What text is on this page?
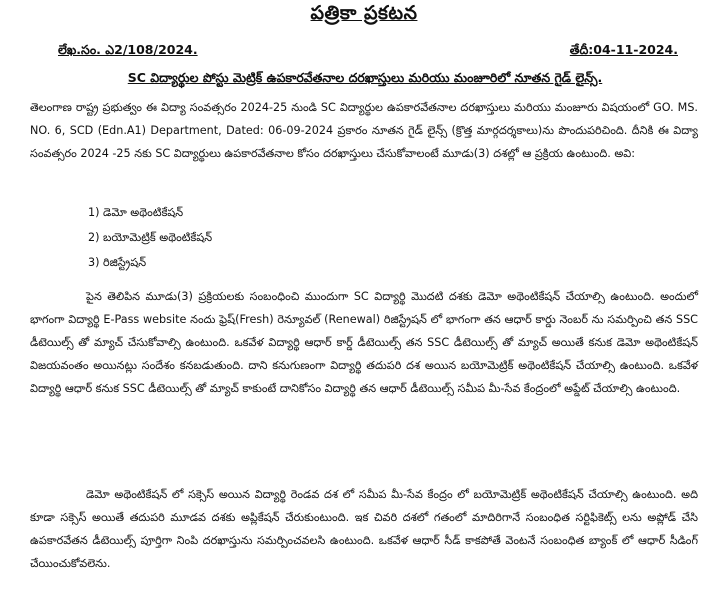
పత్రికా ప్రకటన
లేఖ.సం. ఎ2/108/2024.	తేదీ:04-11-2024.
SC విద్యార్థుల పోస్టు మెట్రిక్ ఉపకారవేతనాల దరఖాస్తులు మరియు మంజూరిలో నూతన గైడ్ లైన్స్.
తెలంగాణ రాష్ట్ర ప్రభుత్వం ఈ విద్యా సంవత్సరం 2024-25 నుండి SC విద్యార్థుల ఉపకారవేతనాల దరఖాస్తులు మరియు మంజూరు విషయంలో GO. MS. NO. 6, SCD (Edn.A1) Department, Dated: 06-09-2024 ప్రకారం నూతన గైడ్ లైన్స్ (క్రొత్త మార్గదర్శకాలు)ను పొందుపరిచింది. దీనికి ఈ విద్యా సంవత్సరం 2024 -25 నకు SC విద్యార్థులు ఉపకారవేతనాల కోసం దరఖాస్తులు చేసుకోవాలంటే మూడు(3) దశల్లో ఆ ప్రక్రియ ఉంటుంది. అవి:
1) డెమో అథెంటికేషన్
2) బయోమెట్రిక్ అథెంటికేషన్
3) రిజిస్ట్రేషన్
పైన తెలిపిన మూడు(3) ప్రక్రియలకు సంబంధించి ముందుగా SC విద్యార్థి మొదటి దశకు డెమో అథెంటికేషన్ చేయాల్సి ఉంటుంది. అందులో భాగంగా విద్యార్థి E-Pass website నందు ఫ్రెష్(Fresh) రెన్యూవల్ (Renewal) రిజిస్ట్రేషన్ లో భాగంగా తన ఆధార్ కార్డు నెంబర్ ను సమర్పించి తన SSC డీటెయిల్స్ తో మ్యాచ్ చేసుకోవాల్సి ఉంటుంది. ఒకవేళ విద్యార్థి ఆధార్ కార్డ్ డీటెయిల్స్ తన SSC డీటెయిల్స్ తో మ్యాచ్ అయితే కనుక డెమో అథెంటికేషన్ విజయవంతం అయినట్లు సందేశం కనబడుతుంది. దాని కనుగుణంగా విద్యార్థి తదుపరి దశ అయిన బయోమెట్రిక్ అథెంటికేషన్ చేయాల్సి ఉంటుంది. ఒకవేళ విద్యార్థి ఆధార్ కనుక SSC డీటెయిల్స్ తో మ్యాచ్ కాకుంటే దానికోసం విద్యార్థి తన ఆధార్ డీటెయిల్స్ సమీప మీ-సేవ కేంద్రంలో అప్డేట్ చేయాల్సి ఉంటుంది.
డెమో అథెంటికేషన్ లో సక్సెస్ అయిన విద్యార్థి రెండవ దశ లో సమీప మీ-సేవ కేంద్రం లో బయోమెట్రిక్ అథెంటికేషన్ చేయాల్సి ఉంటుంది. అది కూడా సక్సెస్ అయితే తదుపరి మూడవ దశకు అప్లికేషన్ చేరుకుంటుంది. ఇక చివరి దశలో గతంలో మాదిరిగానే సంబంధిత సర్టిఫికెట్స్ లను అప్లోడ్ చేసి ఉపకారవేతన డీటెయిల్స్ పూర్తిగా నింపి దరఖాస్తును సమర్పించవలసి ఉంటుంది. ఒకవేళ ఆధార్ సీడ్ కాకపోతే వెంటనే సంబంధిత బ్యాంక్ లో ఆధార్ సీడింగ్ చేయించుకోవలెను.
